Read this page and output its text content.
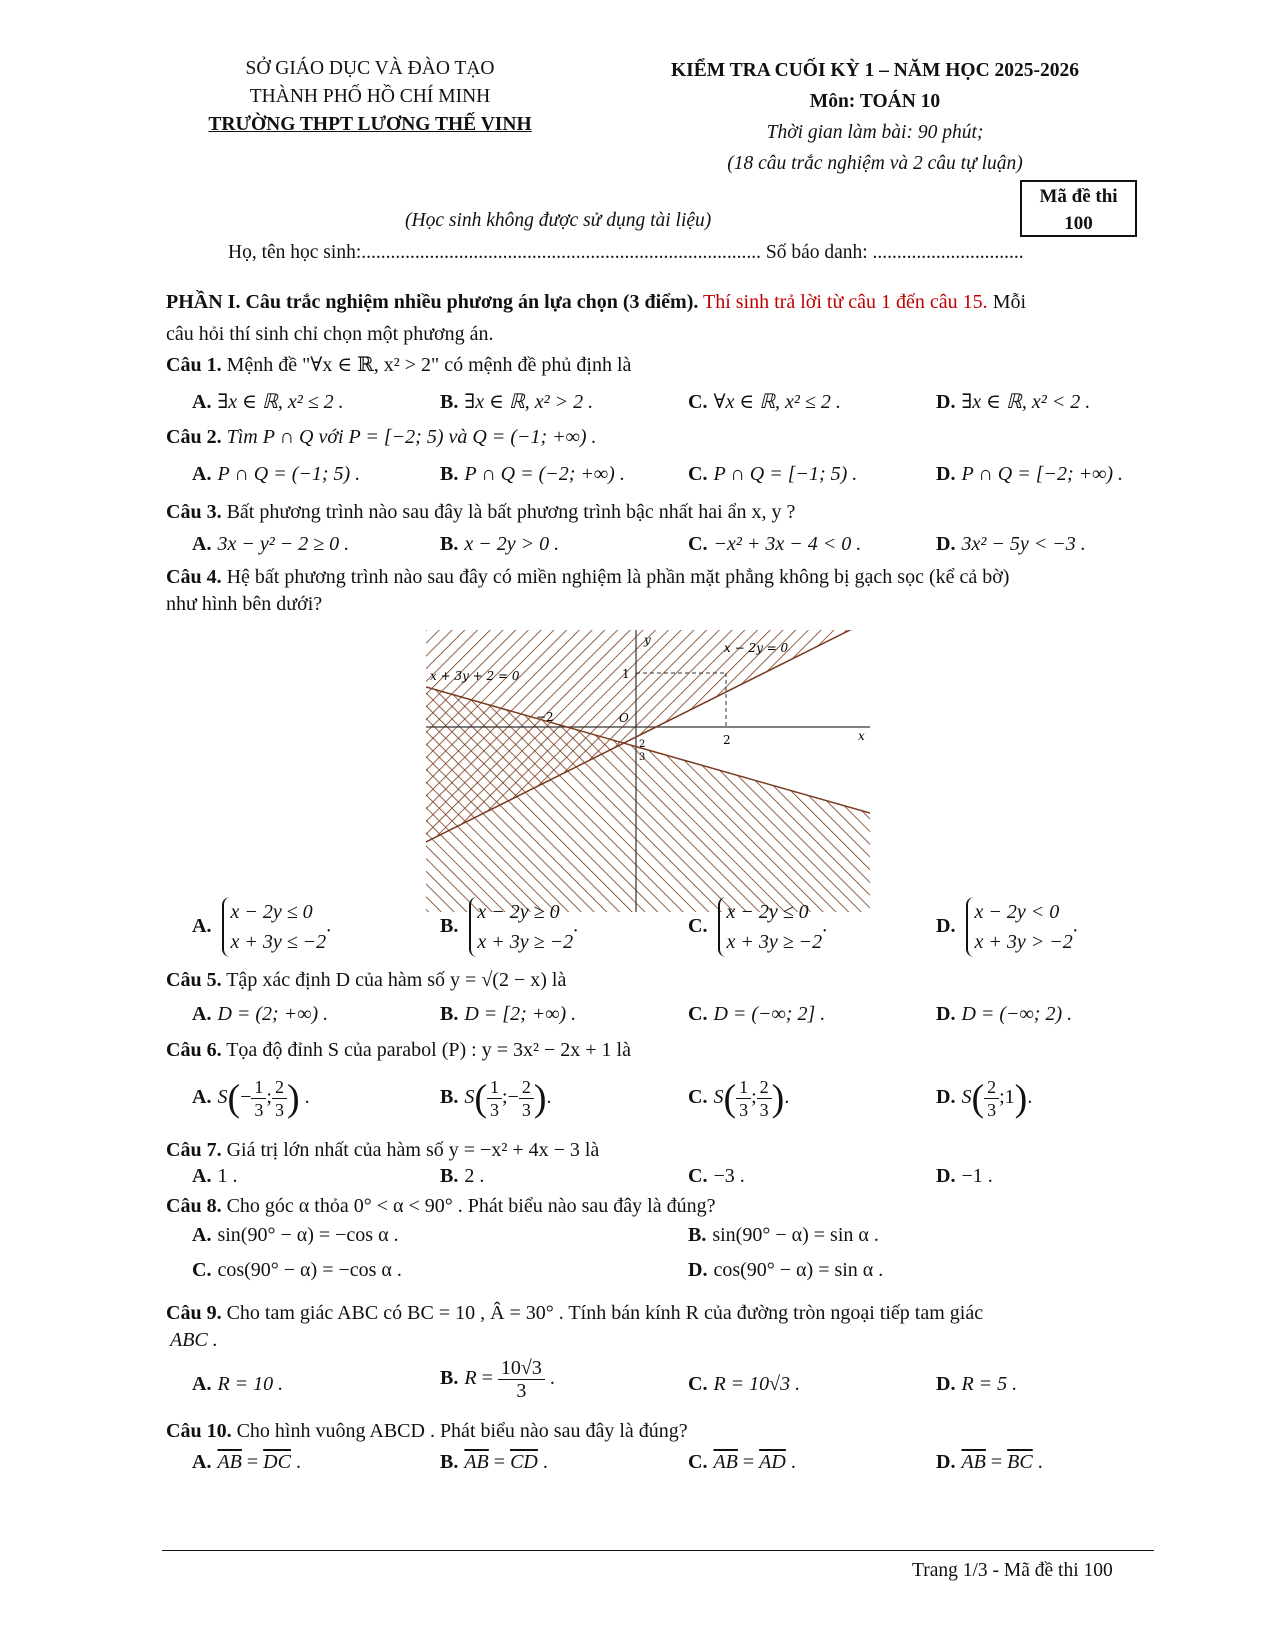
SỞ GIÁO DỤC VÀ ĐÀO TẠO
THÀNH PHỐ HỒ CHÍ MINH
TRƯỜNG THPT LƯƠNG THẾ VINH
KIỂM TRA CUỐI KỲ 1 – NĂM HỌC 2025-2026
Môn: TOÁN 10
Thời gian làm bài: 90 phút;
(18 câu trắc nghiệm và 2 câu tự luận)
Mã đề thi
100
(Học sinh không được sử dụng tài liệu)
Họ, tên học sinh:.................................................................................. Số báo danh: ...............................
PHẦN I. Câu trắc nghiệm nhiều phương án lựa chọn (3 điểm). Thí sinh trả lời từ câu 1 đến câu 15. Mỗi
câu hỏi thí sinh chỉ chọn một phương án.
Câu 1. Mệnh đề "∀x ∈ ℝ, x² > 2" có mệnh đề phủ định là
A. ∃x ∈ ℝ, x² ≤ 2 .	B. ∃x ∈ ℝ, x² > 2 .	C. ∀x ∈ ℝ, x² ≤ 2 .	D. ∃x ∈ ℝ, x² < 2 .
Câu 2. Tìm P ∩ Q với P = [−2; 5) và Q = (−1; +∞) .
A. P ∩ Q = (−1; 5) .	B. P ∩ Q = (−2; +∞) .	C. P ∩ Q = [−1; 5) .	D. P ∩ Q = [−2; +∞) .
Câu 3. Bất phương trình nào sau đây là bất phương trình bậc nhất hai ẩn x, y ?
A. 3x − y² − 2 ≥ 0 .	B. x − 2y > 0 .	C. −x² + 3x − 4 < 0 .	D. 3x² − 5y < −3 .
Câu 4. Hệ bất phương trình nào sau đây có miền nghiệm là phần mặt phẳng không bị gạch sọc (kể cả bờ)
như hình bên dưới?
y
x
O
x − 2y = 0
x + 3y + 2 = 0
−2
2
1
2
3
A. x − 2y ≤ 0
x + 3y ≤ −2.	B. x − 2y ≥ 0
x + 3y ≥ −2.	C. x − 2y ≤ 0
x + 3y ≥ −2.	D. x − 2y < 0
x + 3y > −2.
Câu 5. Tập xác định D của hàm số y = √(2 − x) là
A. D = (2; +∞) .	B. D = [2; +∞) .	C. D = (−∞; 2] .	D. D = (−∞; 2) .
Câu 6. Tọa độ đỉnh S của parabol (P) : y = 3x² − 2x + 1 là
A. $S(- \frac{1}{3}$ ; $\frac{2}{3}$ ) .	B. $S( \frac{1}{3}$ ;− $\frac{2}{3}$ ).	C. $S( \frac{1}{3}$ ; $\frac{2}{3}$ ).	D. $S( \frac{2}{3}$ ;1).
Câu 7. Giá trị lớn nhất của hàm số y = −x² + 4x − 3 là
A. 1 .	B. 2 .	C. −3 .	D. −1 .
Câu 8. Cho góc α thỏa 0° < α < 90° . Phát biểu nào sau đây là đúng?
A. sin(90° − α) = −cos α .	B. sin(90° − α) = sin α .
C. cos(90° − α) = −cos α .	D. cos(90° − α) = sin α .
Câu 9. Cho tam giác ABC có BC = 10 , Â = 30° . Tính bán kính R của đường tròn ngoại tiếp tam giác
ABC .
A. R = 10 .	B. $R = \frac{10√3}{3}$ .	C. R = 10√3 .	D. R = 5 .
Câu 10. Cho hình vuông ABCD . Phát biểu nào sau đây là đúng?
A. $\overline{AB} = \overline{DC}$ .	B. $\overline{AB} = \overline{CD}$ .	C. $\overline{AB} = \overline{AD}$ .	D. $\overline{AB} = \overline{BC}$ .
Trang 1/3 - Mã đề thi 100
